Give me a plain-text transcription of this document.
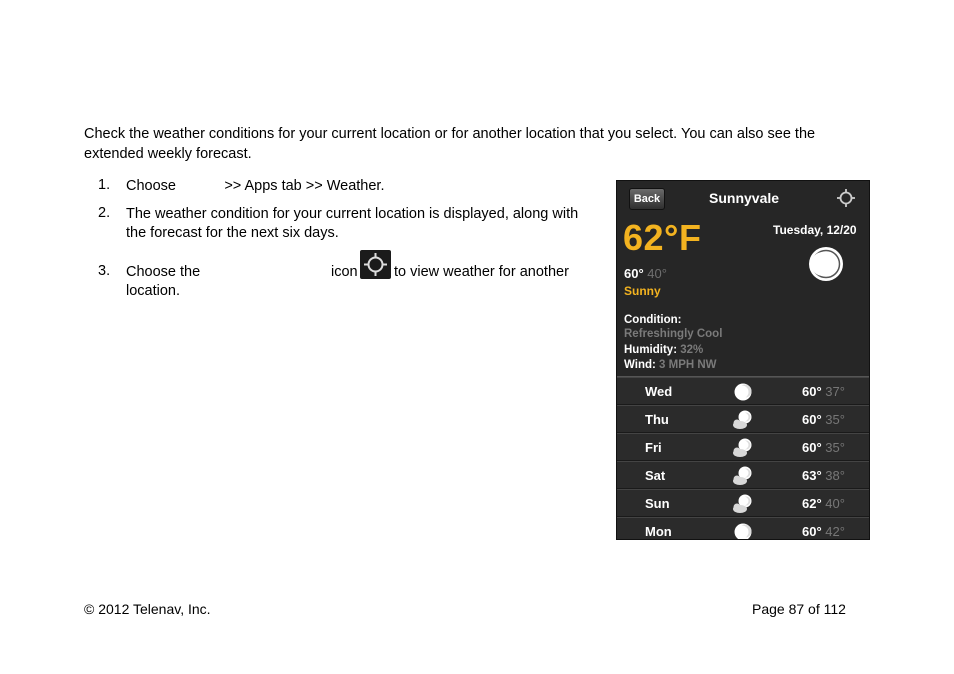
Check the weather conditions for your current location or for another location that you select. You can also see the extended weekly forecast.
1. Choose            >> Apps tab >> Weather.
2. The weather condition for your current location is displayed, along with the forecast for the next six days.
3. Choose the	icon	to view weather for another
location.
Back	Sunnyvale
62°F	Tuesday, 12/20
60° 40°
Sunny
Condition:
Refreshingly Cool
Humidity: 32%
Wind: 3 MPH NW
Wed	60° 37°
Thu	60° 35°
Fri	60° 35°
Sat	63° 38°
Sun	62° 40°
Mon	60° 42°
© 2012 Telenav, Inc.	Page 87 of 112
